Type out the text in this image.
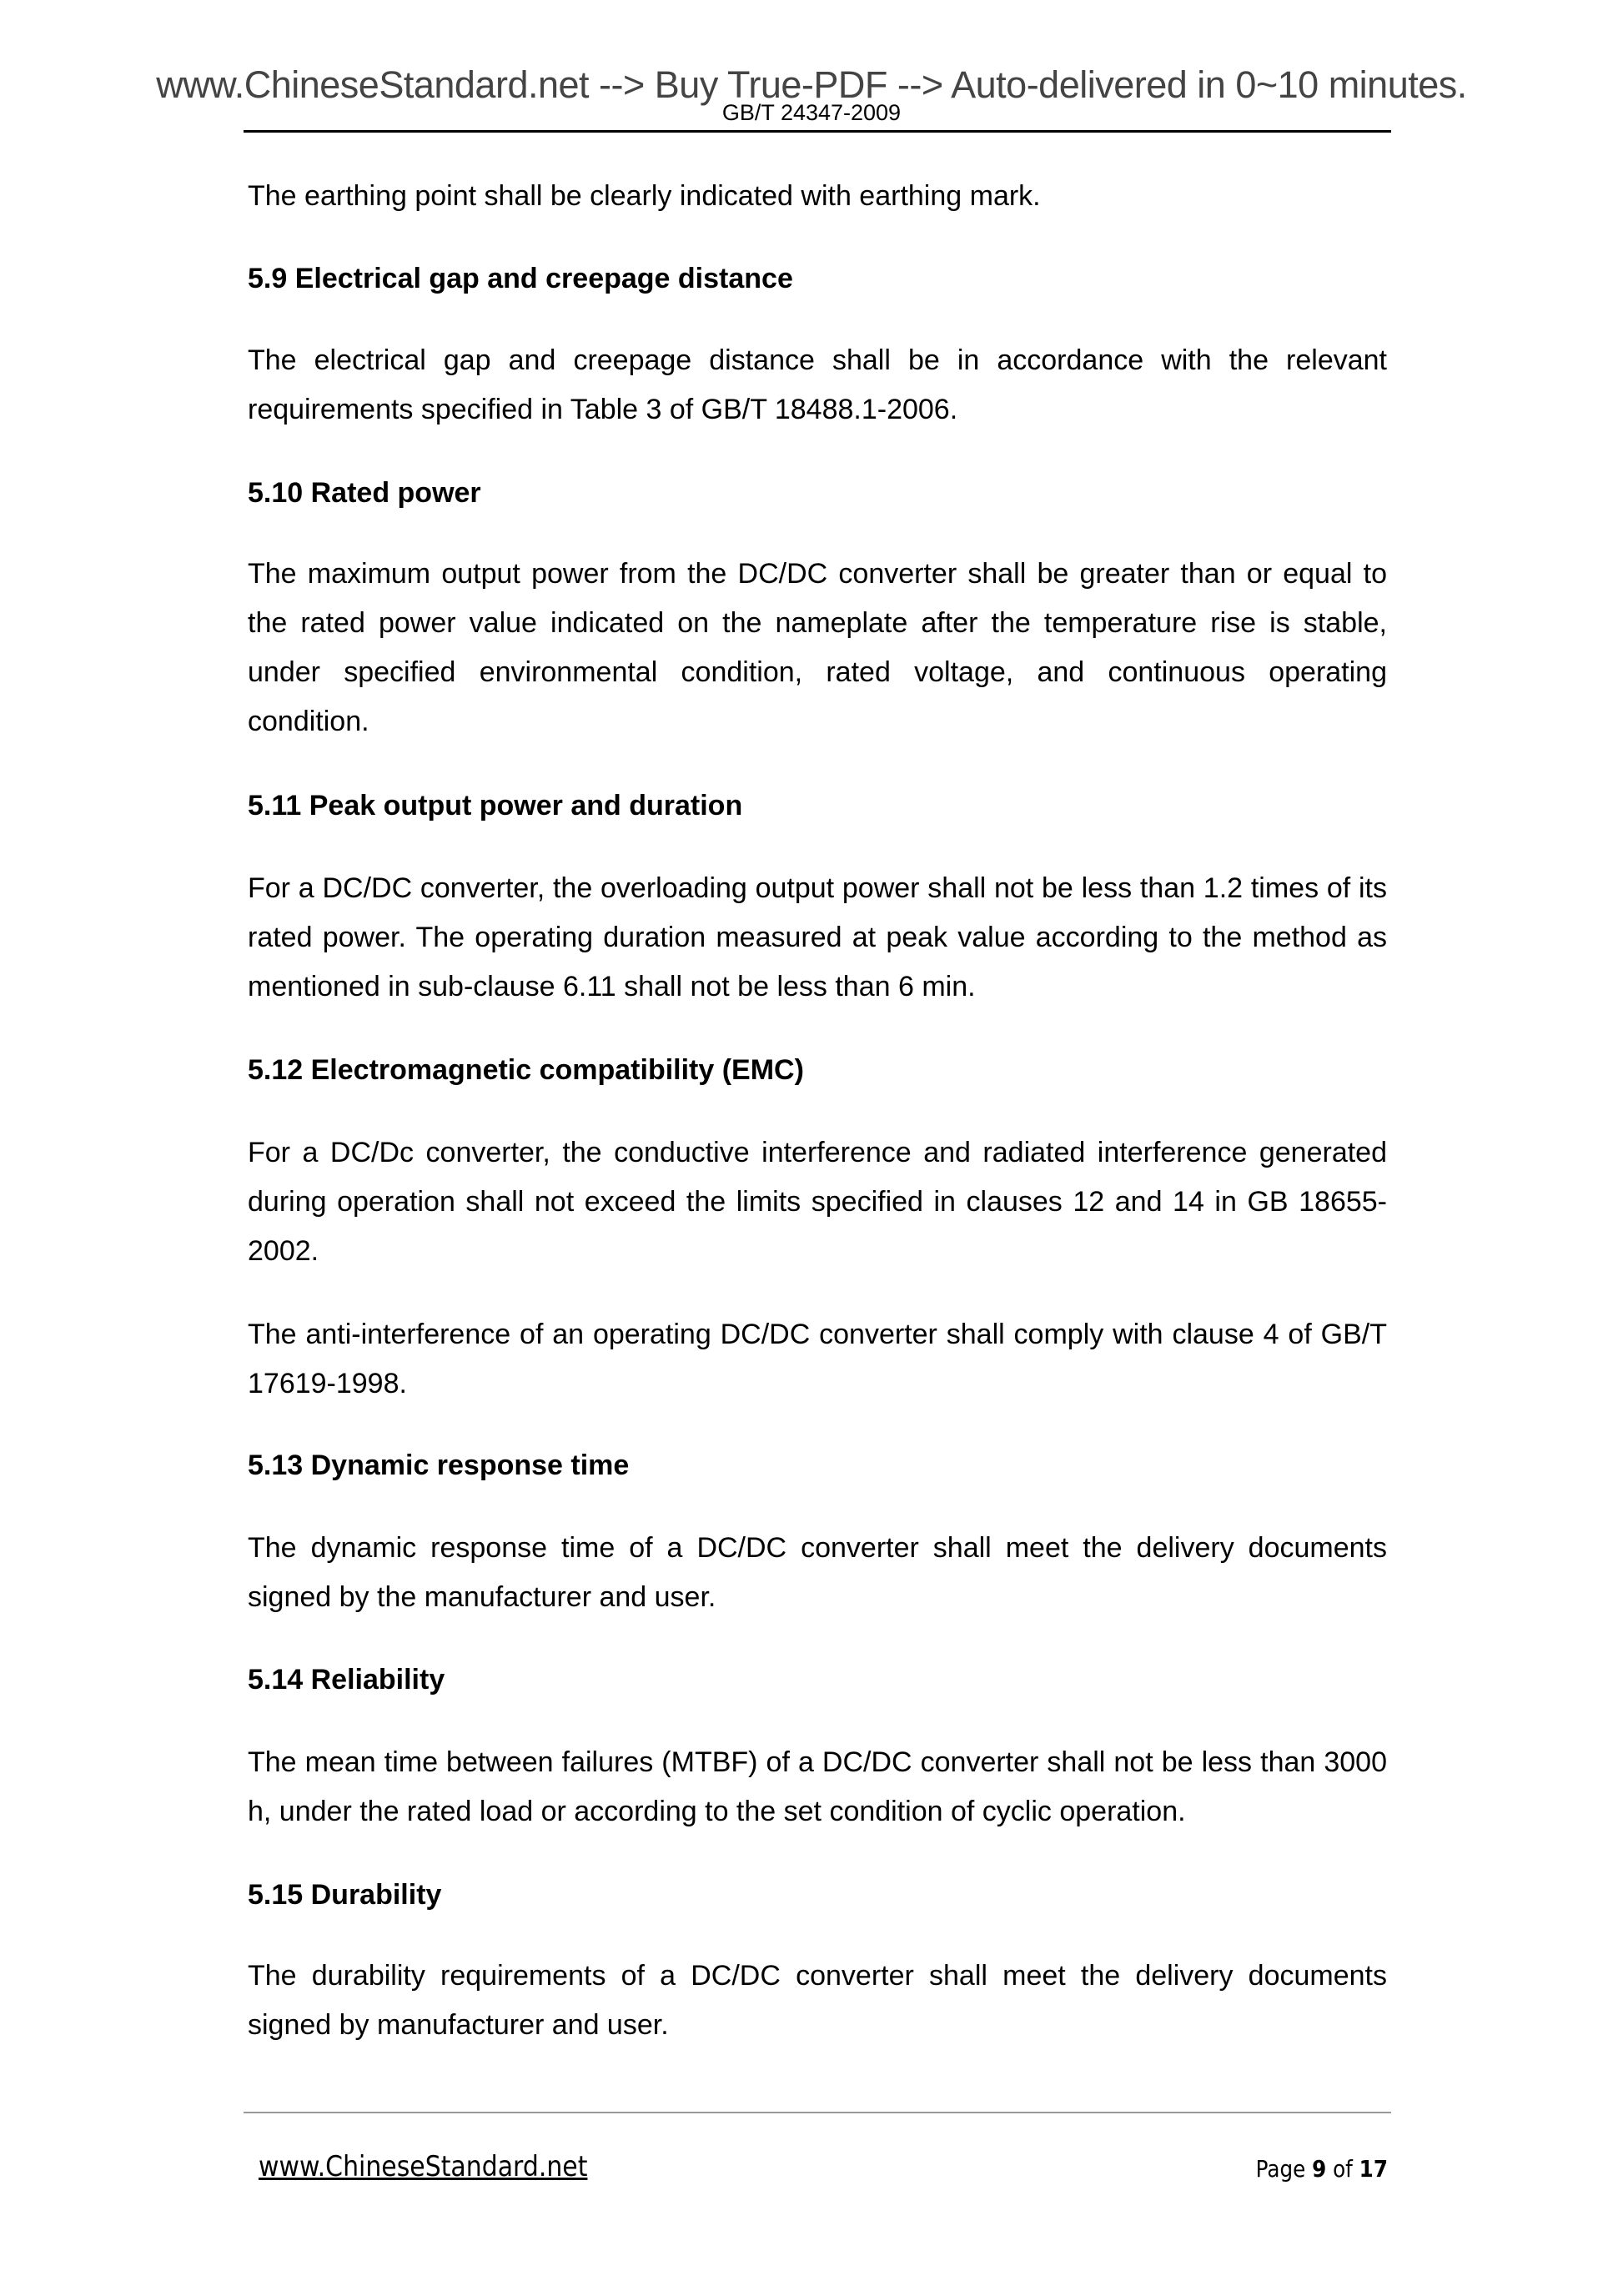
www.ChineseStandard.net --> Buy True-PDF --> Auto-delivered in 0~10 minutes.
GB/T 24347-2009
The earthing point shall be clearly indicated with earthing mark.
5.9 Electrical gap and creepage distance
The electrical gap and creepage distance shall be in accordance with the relevant requirements specified in Table 3 of GB/T 18488.1-2006.
5.10 Rated power
The maximum output power from the DC/DC converter shall be greater than or equal to the rated power value indicated on the nameplate after the temperature rise is stable, under specified environmental condition, rated voltage, and continuous operating condition.
5.11 Peak output power and duration
For a DC/DC converter, the overloading output power shall not be less than 1.2 times of its rated power. The operating duration measured at peak value according to the method as mentioned in sub-clause 6.11 shall not be less than 6 min.
5.12 Electromagnetic compatibility (EMC)
For a DC/Dc converter, the conductive interference and radiated interference generated during operation shall not exceed the limits specified in clauses 12 and 14 in GB 18655-2002.
The anti-interference of an operating DC/DC converter shall comply with clause 4 of GB/T 17619-1998.
5.13 Dynamic response time
The dynamic response time of a DC/DC converter shall meet the delivery documents signed by the manufacturer and user.
5.14 Reliability
The mean time between failures (MTBF) of a DC/DC converter shall not be less than 3000 h, under the rated load or according to the set condition of cyclic operation.
5.15 Durability
The durability requirements of a DC/DC converter shall meet the delivery documents signed by manufacturer and user.
www.ChineseStandard.net	Page 9 of 17
